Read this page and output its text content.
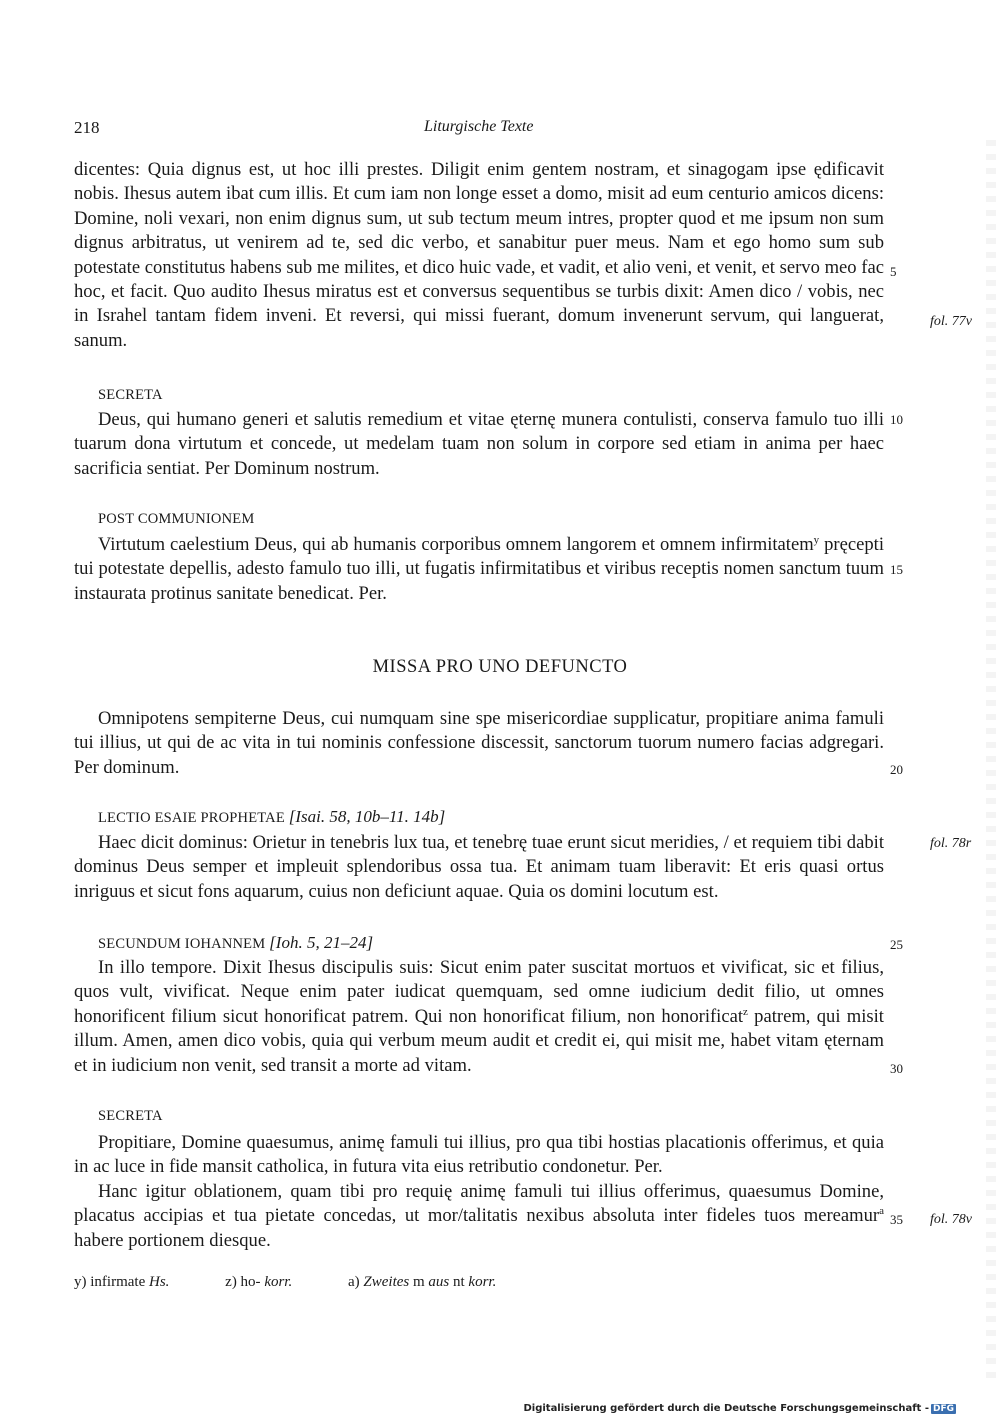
218	Liturgische Texte

dicentes: Quia dignus est, ut hoc illi prestes. Diligit enim gentem nostram, et sinagogam ipse ędificavit nobis. Ihesus autem ibat cum illis. Et cum iam non longe esset a domo, misit ad eum centurio amicos dicens: Domine, noli vexari, non enim dignus sum, ut sub tectum meum intres, propter quod et me ipsum non sum dignus arbitratus, ut venirem ad te, sed dic verbo, et sanabitur puer meus. Nam et ego homo sum sub potestate constitutus habens sub me milites, et dico huic vade, et vadit, et alio veni, et venit, et servo meo fac hoc, et facit. Quo audito Ihesus miratus est et conversus sequentibus se turbis dixit: Amen dico / vobis, nec in Israhel tantam fidem inveni. Et reversi, qui missi fuerant, domum invenerunt servum, qui languerat, sanum.

SECRETA

Deus, qui humano generi et salutis remedium et vitae ęternę munera contulisti, conserva famulo tuo illi tuarum dona virtutum et concede, ut medelam tuam non solum in corpore sed etiam in anima per haec sacrificia sentiat. Per Dominum nostrum.

POST COMMUNIONEM

Virtutum caelestium Deus, qui ab humanis corporibus omnem langorem et omnem infirmitatem$^y$ pręcepti tui potestate depellis, adesto famulo tuo illi, ut fugatis infirmitatibus et viribus receptis nomen sanctum tuum instaurata protinus sanitate benedicat. Per.

MISSA PRO UNO DEFUNCTO

Omnipotens sempiterne Deus, cui numquam sine spe misericordiae supplicatur, propitiare anima famuli tui illius, ut qui de ac vita in tui nominis confessione discessit, sanctorum tuorum numero facias adgregari. Per dominum.

LECTIO ESAIE PROPHETAE [Isai. 58, 10b–11. 14b]

Haec dicit dominus: Orietur in tenebris lux tua, et tenebrę tuae erunt sicut meridies, / et requiem tibi dabit dominus Deus semper et impleuit splendoribus ossa tua. Et animam tuam liberavit: Et eris quasi ortus inriguus et sicut fons aquarum, cuius non deficiunt aquae. Quia os domini locutum est.

SECUNDUM IOHANNEM [Ioh. 5, 21–24]

In illo tempore. Dixit Ihesus discipulis suis: Sicut enim pater suscitat mortuos et vivificat, sic et filius, quos vult, vivificat. Neque enim pater iudicat quemquam, sed omne iudicium dedit filio, ut omnes honorificent filium sicut honorificat patrem. Qui non honorificat filium, non honorificat$^z$ patrem, qui misit illum. Amen, amen dico vobis, quia qui verbum meum audit et credit ei, qui misit me, habet vitam ęternam et in iudicium non venit, sed transit a morte ad vitam.

SECRETA

Propitiare, Domine quaesumus, animę famuli tui illius, pro qua tibi hostias placationis offerimus, et quia in ac luce in fide mansit catholica, in futura vita eius retributio condonetur. Per.

Hanc igitur oblationem, quam tibi pro requię animę famuli tui illius offerimus, quaesumus Domine, placatus accipias et tua pietate concedas, ut mor/talitatis nexibus absoluta inter fideles tuos mereamur$^a$ habere portionem diesque.

5
10
15
20
25
30
35
fol. 77v
fol. 78r
fol. 78v
y) infirmate Hs.	z) ho- korr.	a) Zweites m aus nt korr.
Digitalisierung gefördert durch die Deutsche Forschungsgemeinschaft - DFG
